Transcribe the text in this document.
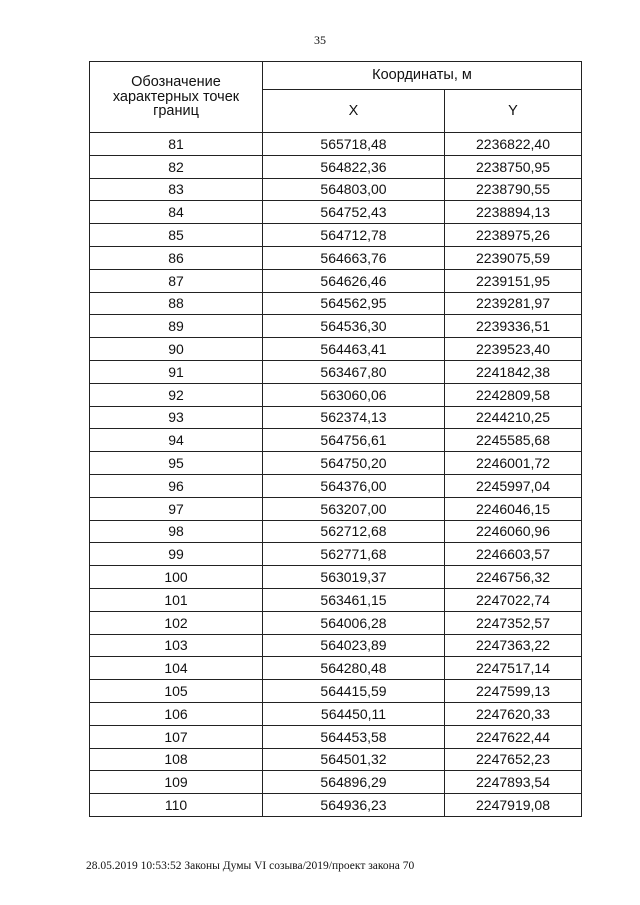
35
Обозначение характерных точек границ	Координаты, м	
	X	Y
81	565718,48	2236822,40
82	564822,36	2238750,95
83	564803,00	2238790,55
84	564752,43	2238894,13
85	564712,78	2238975,26
86	564663,76	2239075,59
87	564626,46	2239151,95
88	564562,95	2239281,97
89	564536,30	2239336,51
90	564463,41	2239523,40
91	563467,80	2241842,38
92	563060,06	2242809,58
93	562374,13	2244210,25
94	564756,61	2245585,68
95	564750,20	2246001,72
96	564376,00	2245997,04
97	563207,00	2246046,15
98	562712,68	2246060,96
99	562771,68	2246603,57
100	563019,37	2246756,32
101	563461,15	2247022,74
102	564006,28	2247352,57
103	564023,89	2247363,22
104	564280,48	2247517,14
105	564415,59	2247599,13
106	564450,11	2247620,33
107	564453,58	2247622,44
108	564501,32	2247652,23
109	564896,29	2247893,54
110	564936,23	2247919,08
28.05.2019 10:53:52 Законы Думы VI созыва/2019/проект закона 70
